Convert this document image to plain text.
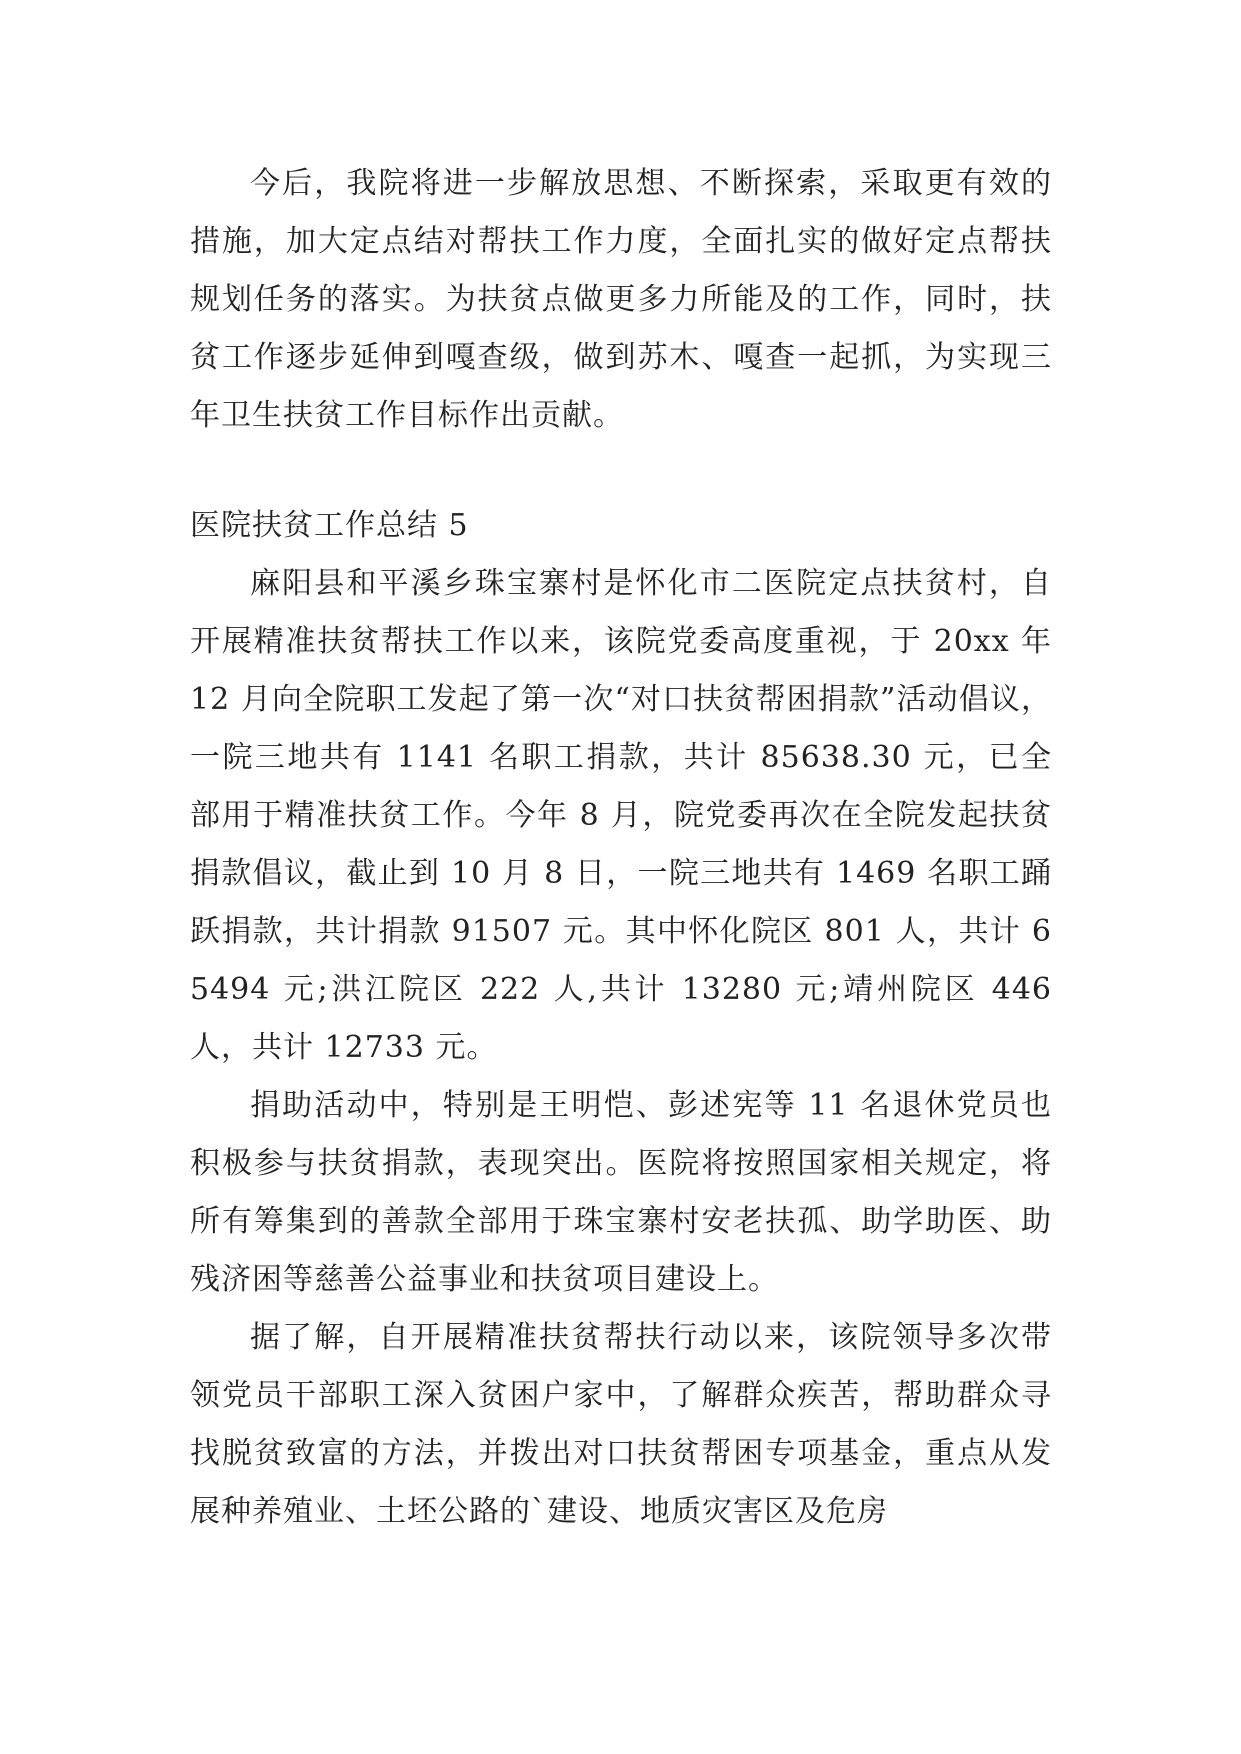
今后，我院将进一步解放思想、不断探索，采取更有效的措施，加大定点结对帮扶工作力度，全面扎实的做好定点帮扶规划任务的落实。为扶贫点做更多力所能及的工作，同时，扶贫工作逐步延伸到嘎查级，做到苏木、嘎查一起抓，为实现三年卫生扶贫工作目标作出贡献。

医院扶贫工作总结 5

麻阳县和平溪乡珠宝寨村是怀化市二医院定点扶贫村，自开展精准扶贫帮扶工作以来，该院党委高度重视，于 20xx 年 12 月向全院职工发起了第一次“对口扶贫帮困捐款”活动倡议，一院三地共有 1141 名职工捐款，共计 85638.30 元，已全部用于精准扶贫工作。今年 8 月，院党委再次在全院发起扶贫捐款倡议，截止到 10 月 8 日，一院三地共有 1469 名职工踊跃捐款，共计捐款 91507 元。其中怀化院区 801 人，共计 65494 元;洪江院区 222 人,共计 13280 元;靖州院区 446 人，共计 12733 元。

捐助活动中，特别是王明恺、彭述宪等 11 名退休党员也积极参与扶贫捐款，表现突出。医院将按照国家相关规定，将所有筹集到的善款全部用于珠宝寨村安老扶孤、助学助医、助残济困等慈善公益事业和扶贫项目建设上。

据了解，自开展精准扶贫帮扶行动以来，该院领导多次带领党员干部职工深入贫困户家中，了解群众疾苦，帮助群众寻找脱贫致富的方法，并拨出对口扶贫帮困专项基金，重点从发展种养殖业、土坯公路的`建设、地质灾害区及危房
